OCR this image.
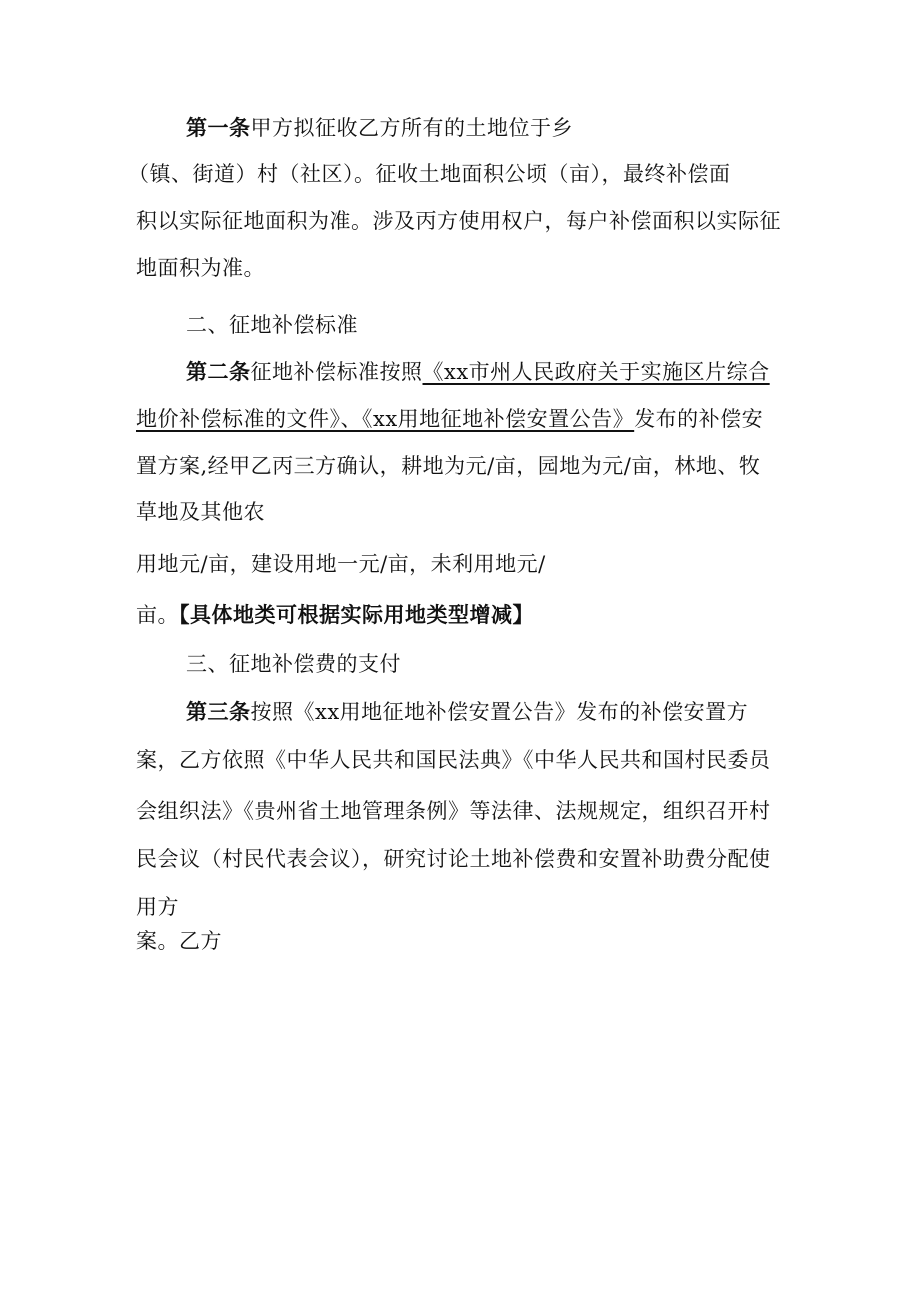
第一条甲方拟征收乙方所有的土地位于乡
（镇、街道）村（社区）。征收土地面积公顷（亩），最终补偿面
积以实际征地面积为准。涉及丙方使用权户，每户补偿面积以实际征
地面积为准。
二、征地补偿标准
第二条征地补偿标准按照《xx市州人民政府关于实施区片综合
地价补偿标准的文件》、《xx用地征地补偿安置公告》发布的补偿安
置方案,经甲乙丙三方确认，耕地为元/亩，园地为元/亩，林地、牧
草地及其他农
用地元/亩，建设用地一元/亩，未利用地元/
亩。【具体地类可根据实际用地类型增减】
三、征地补偿费的支付
第三条按照《xx用地征地补偿安置公告》发布的补偿安置方
案，乙方依照《中华人民共和国民法典》《中华人民共和国村民委员
会组织法》《贵州省土地管理条例》等法律、法规规定，组织召开村
民会议（村民代表会议），研究讨论土地补偿费和安置补助费分配使
用方
案。乙方
